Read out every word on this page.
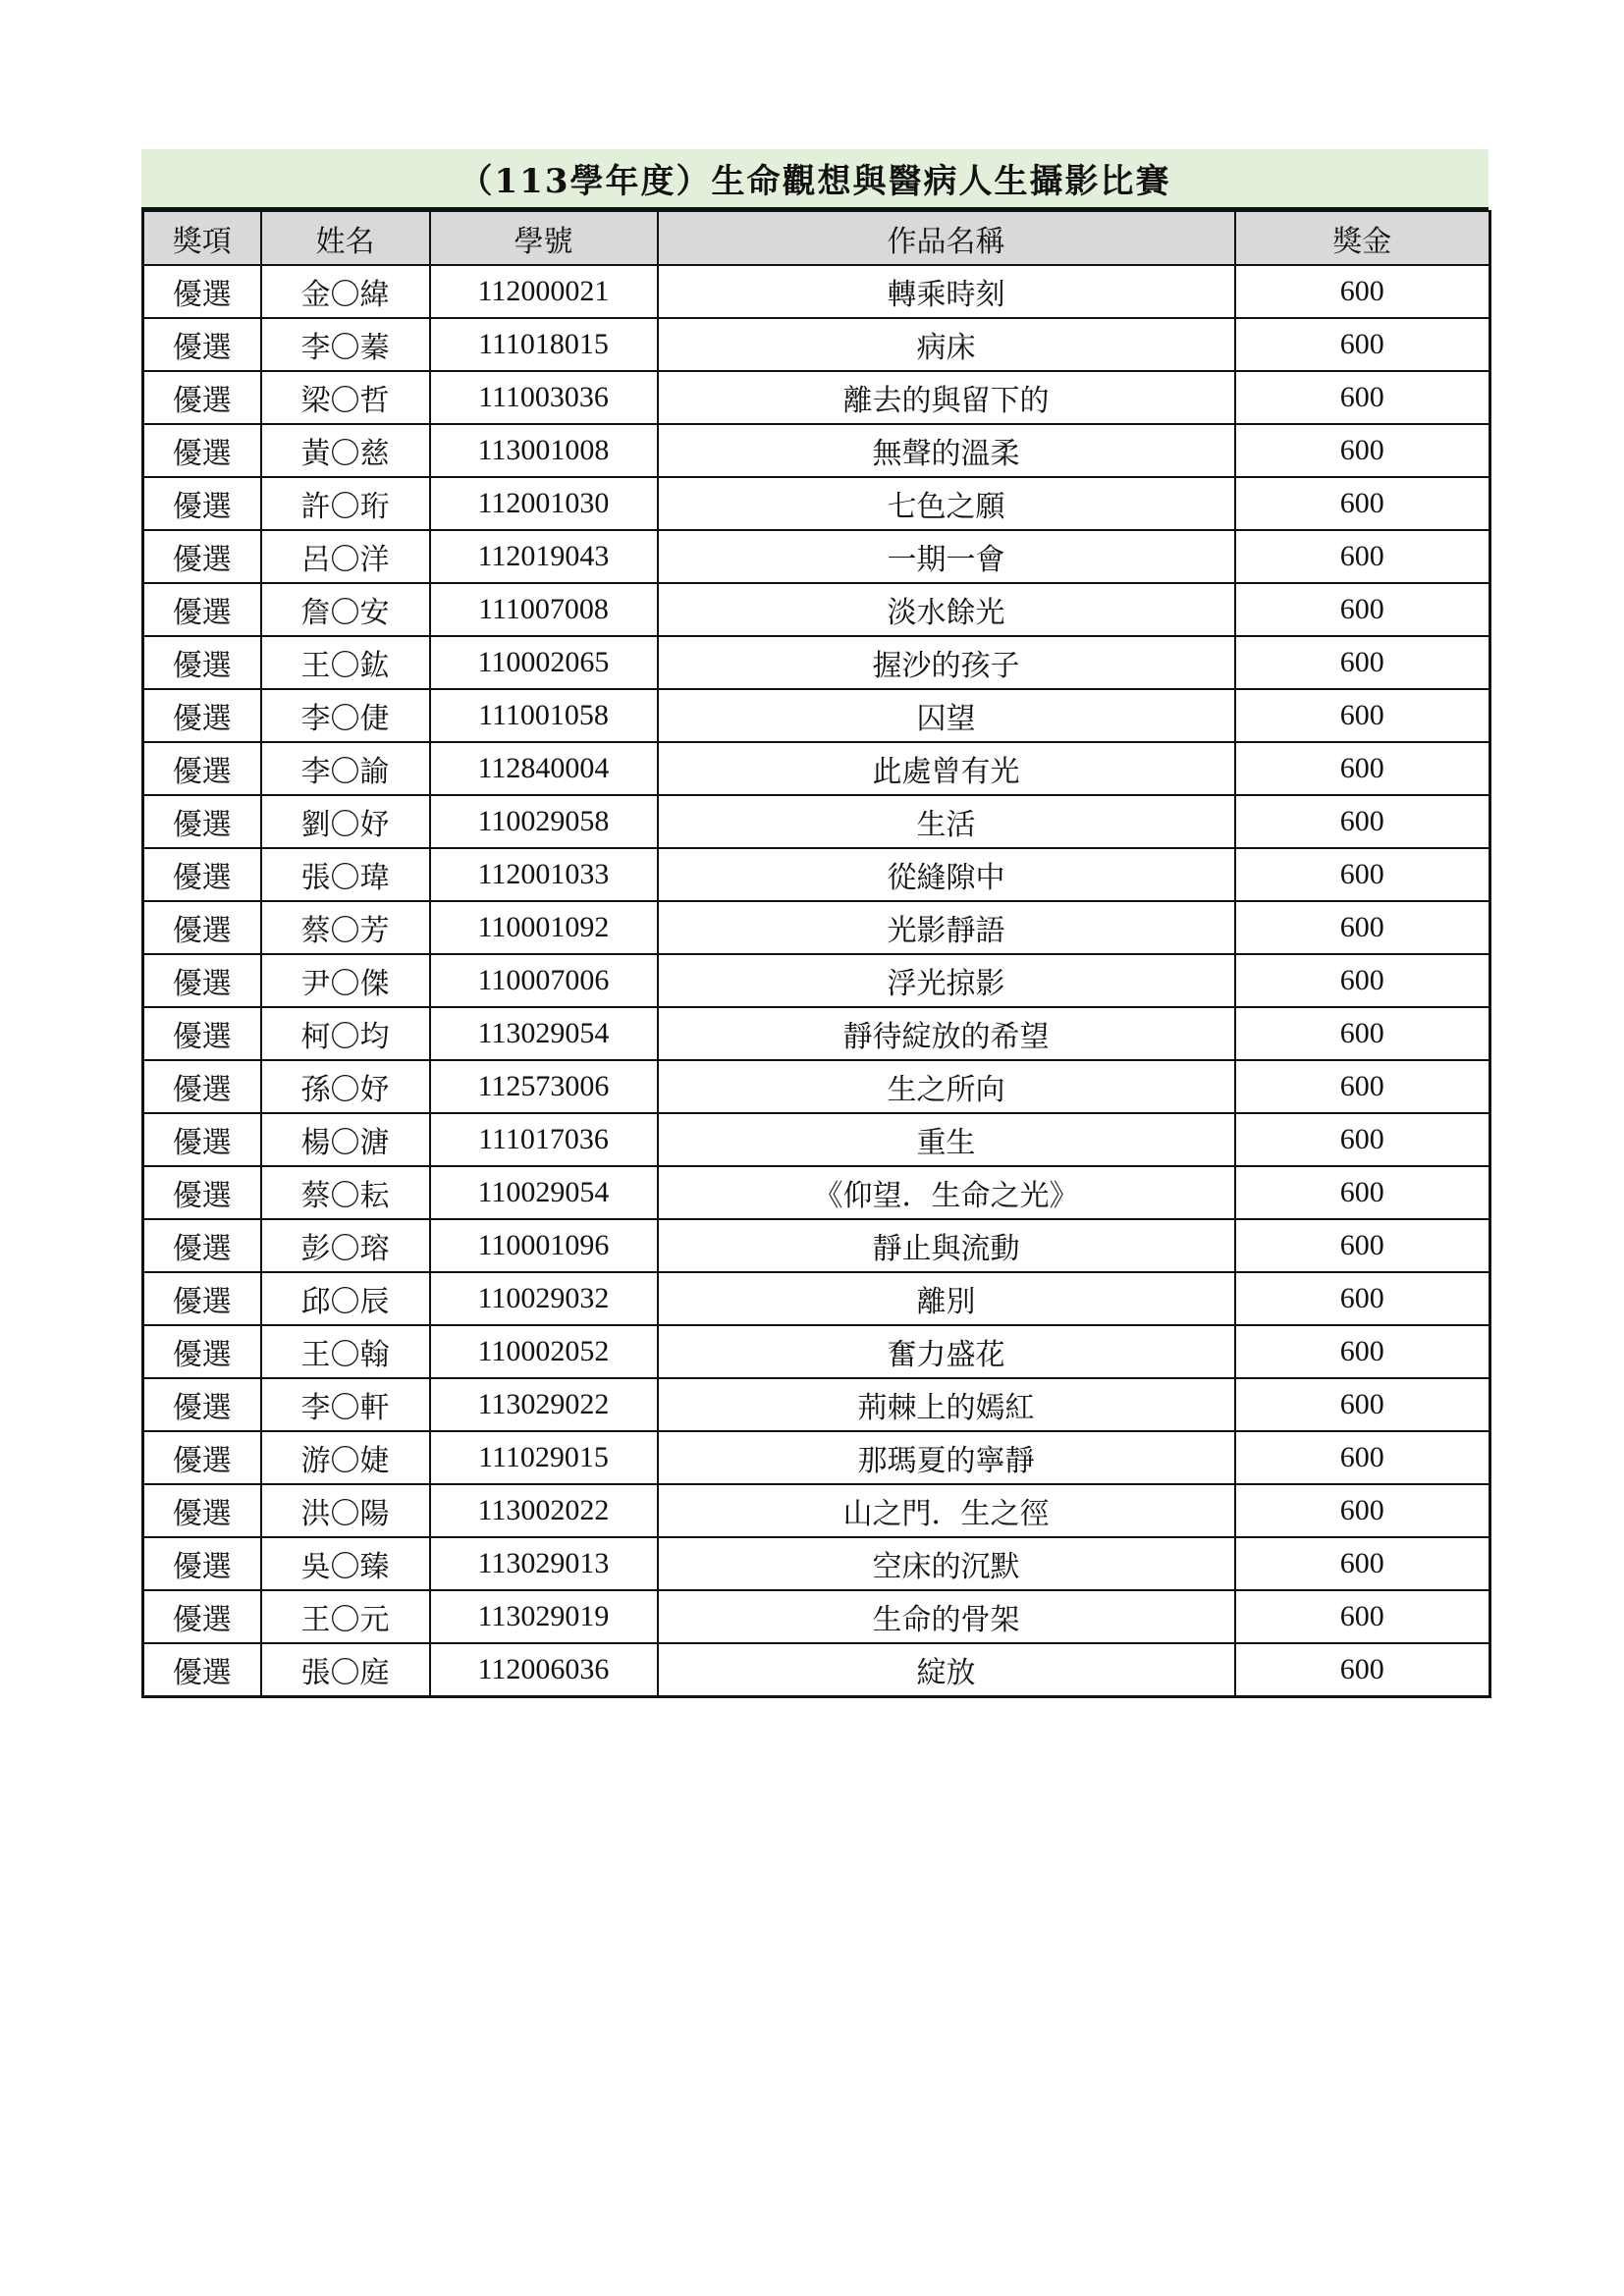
（113學年度）生命觀想與醫病人生攝影比賽
獎項	姓名	學號	作品名稱	獎金
優選	金〇緯	112000021	轉乘時刻	600
優選	李〇蓁	111018015	病床	600
優選	梁〇哲	111003036	離去的與留下的	600
優選	黃〇慈	113001008	無聲的溫柔	600
優選	許〇珩	112001030	七色之願	600
優選	呂〇洋	112019043	一期一會	600
優選	詹〇安	111007008	淡水餘光	600
優選	王〇鈜	110002065	握沙的孩子	600
優選	李〇倢	111001058	囚望	600
優選	李〇諭	112840004	此處曾有光	600
優選	劉〇妤	110029058	生活	600
優選	張〇瑋	112001033	從縫隙中	600
優選	蔡〇芳	110001092	光影靜語	600
優選	尹〇傑	110007006	浮光掠影	600
優選	柯〇均	113029054	靜待綻放的希望	600
優選	孫〇妤	112573006	生之所向	600
優選	楊〇溏	111017036	重生	600
優選	蔡〇耘	110029054	《仰望．生命之光》	600
優選	彭〇瑢	110001096	靜止與流動	600
優選	邱〇辰	110029032	離別	600
優選	王〇翰	110002052	奮力盛花	600
優選	李〇軒	113029022	荊棘上的嫣紅	600
優選	游〇婕	111029015	那瑪夏的寧靜	600
優選	洪〇陽	113002022	山之門．生之徑	600
優選	吳〇臻	113029013	空床的沉默	600
優選	王〇元	113029019	生命的骨架	600
優選	張〇庭	112006036	綻放	600
